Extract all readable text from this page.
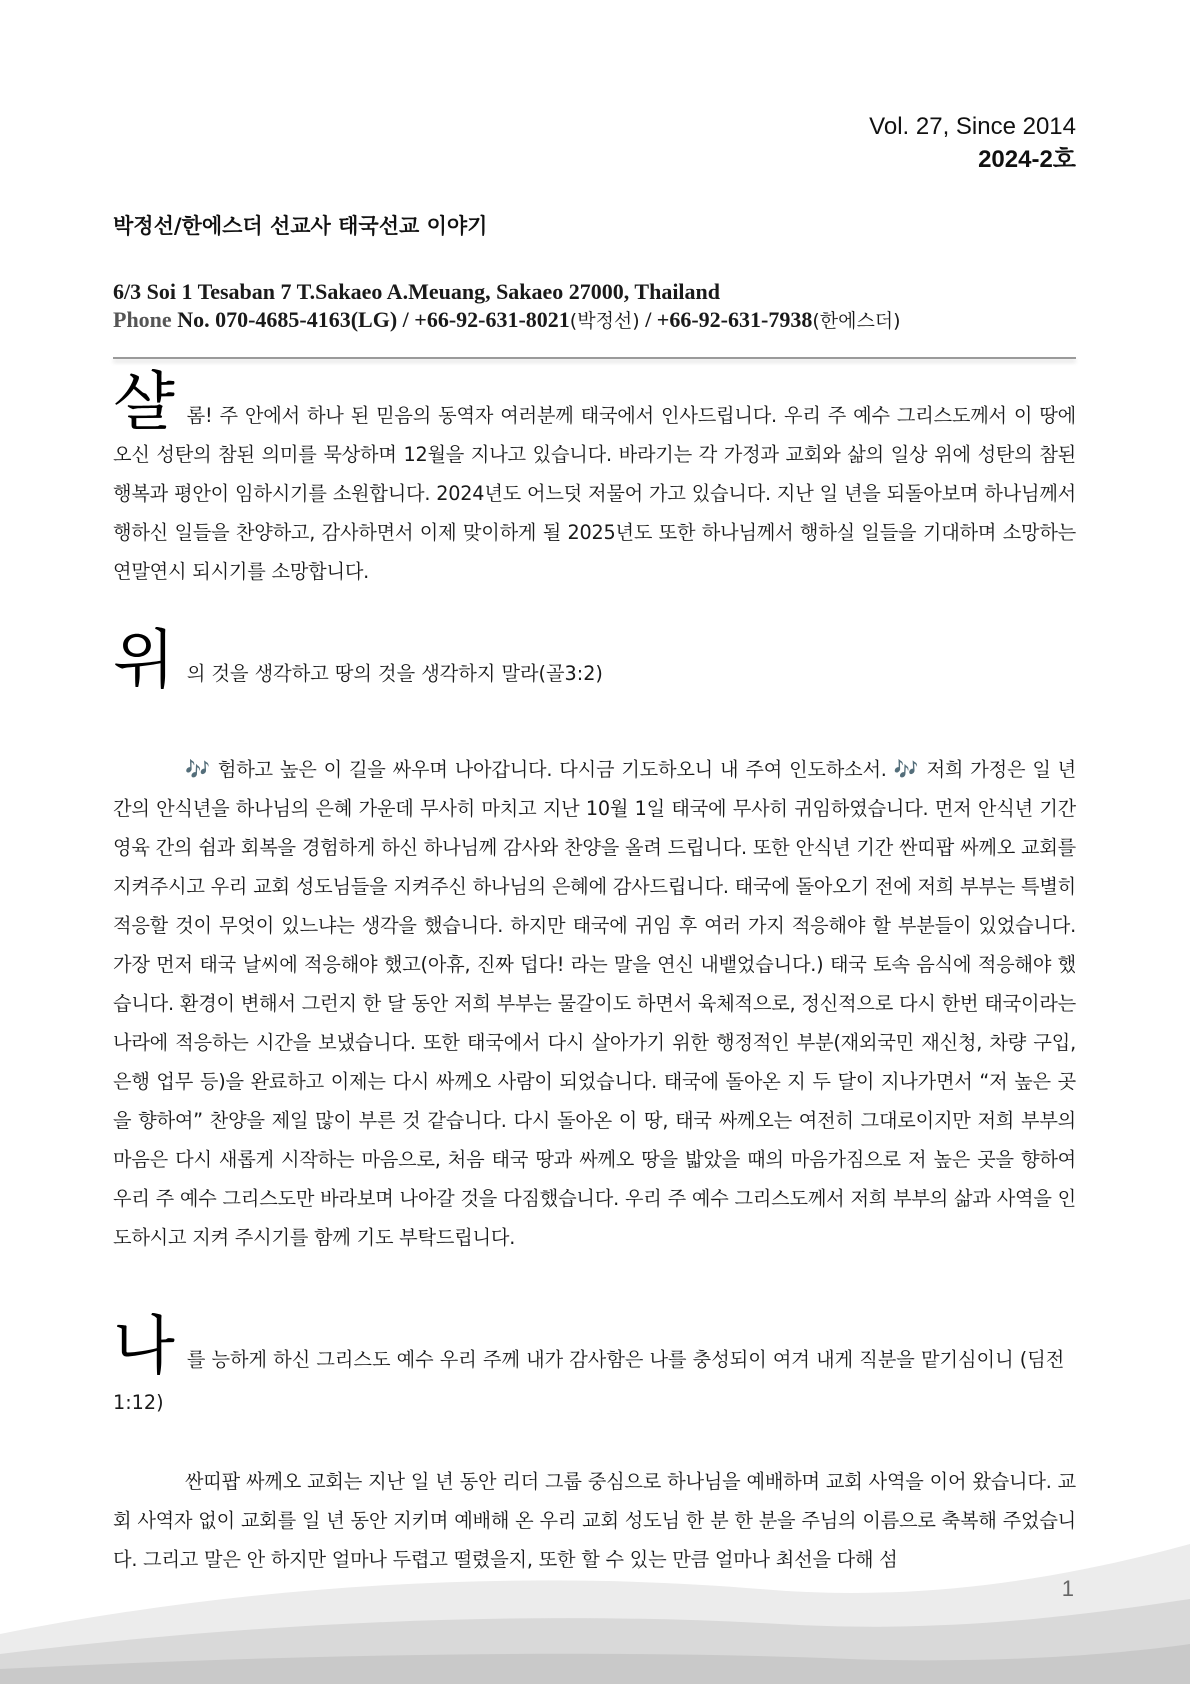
Vol. 27, Since 2014
2024-2호
박정선/한에스더 선교사 태국선교 이야기
6/3 Soi 1 Tesaban 7 T.Sakaeo A.Meuang, Sakaeo 27000, Thailand
Phone No. 070-4685-4163(LG) / +66-92-631-8021(박정선) / +66-92-631-7938(한에스더)
샬롬! 주 안에서 하나 된 믿음의 동역자 여러분께 태국에서 인사드립니다. 우리 주 예수 그리스도께서 이 땅에 오신 성탄의 참된 의미를 묵상하며 12월을 지나고 있습니다. 바라기는 각 가정과 교회와 삶의 일상 위에 성탄의 참된 행복과 평안이 임하시기를 소원합니다. 2024년도 어느덧 저물어 가고 있습니다. 지난 일 년을 되돌아보며 하나님께서 행하신 일들을 찬양하고, 감사하면서 이제 맞이하게 될 2025년도 또한 하나님께서 행하실 일들을 기대하며 소망하는 연말연시 되시기를 소망합니다.
위의 것을 생각하고 땅의 것을 생각하지 말라(골3:2)
🎶 험하고 높은 이 길을 싸우며 나아갑니다. 다시금 기도하오니 내 주여 인도하소서. 🎶 저희 가정은 일 년 간의 안식년을 하나님의 은혜 가운데 무사히 마치고 지난 10월 1일 태국에 무사히 귀임하였습니다. 먼저 안식년 기간 영육 간의 쉼과 회복을 경험하게 하신 하나님께 감사와 찬양을 올려 드립니다. 또한 안식년 기간 싼띠팝 싸께오 교회를 지켜주시고 우리 교회 성도님들을 지켜주신 하나님의 은혜에 감사드립니다. 태국에 돌아오기 전에 저희 부부는 특별히 적응할 것이 무엇이 있느냐는 생각을 했습니다. 하지만 태국에 귀임 후 여러 가지 적응해야 할 부분들이 있었습니다. 가장 먼저 태국 날씨에 적응해야 했고(아휴, 진짜 덥다! 라는 말을 연신 내뱉었습니다.) 태국 토속 음식에 적응해야 했습니다. 환경이 변해서 그런지 한 달 동안 저희 부부는 물갈이도 하면서 육체적으로, 정신적으로 다시 한번 태국이라는 나라에 적응하는 시간을 보냈습니다. 또한 태국에서 다시 살아가기 위한 행정적인 부분(재외국민 재신청, 차량 구입, 은행 업무 등)을 완료하고 이제는 다시 싸께오 사람이 되었습니다. 태국에 돌아온 지 두 달이 지나가면서 “저 높은 곳을 향하여” 찬양을 제일 많이 부른 것 같습니다. 다시 돌아온 이 땅, 태국 싸께오는 여전히 그대로이지만 저희 부부의 마음은 다시 새롭게 시작하는 마음으로, 처음 태국 땅과 싸께오 땅을 밟았을 때의 마음가짐으로 저 높은 곳을 향하여 우리 주 예수 그리스도만 바라보며 나아갈 것을 다짐했습니다. 우리 주 예수 그리스도께서 저희 부부의 삶과 사역을 인도하시고 지켜 주시기를 함께 기도 부탁드립니다.
나를 능하게 하신 그리스도 예수 우리 주께 내가 감사함은 나를 충성되이 여겨 내게 직분을 맡기심이니 (딤전1:12)
싼띠팝 싸께오 교회는 지난 일 년 동안 리더 그룹 중심으로 하나님을 예배하며 교회 사역을 이어 왔습니다. 교회 사역자 없이 교회를 일 년 동안 지키며 예배해 온 우리 교회 성도님 한 분 한 분을 주님의 이름으로 축복해 주었습니다. 그리고 말은 안 하지만 얼마나 두렵고 떨렸을지, 또한 할 수 있는 만큼 얼마나 최선을 다해 섬
1
